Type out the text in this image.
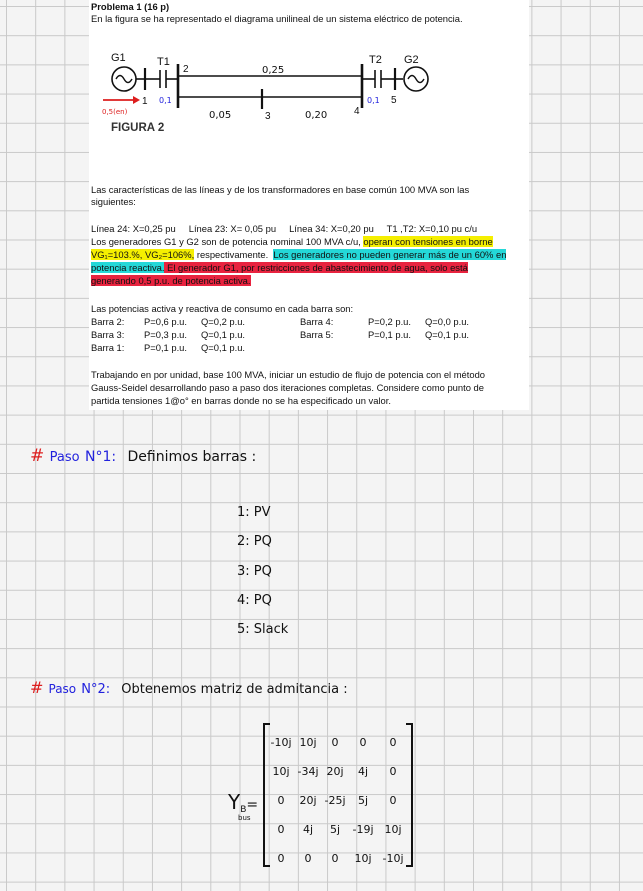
Problema 1 (16 p)
En la figura se ha representado el diagrama unilineal de un sistema eléctrico de potencia.
G1	T1	T2 G2
2
1
3	4
5
0,25
0,05	0,20
0,1	0,1
0,5(en)
FIGURA 2
Las características de las líneas y de los transformadores en base común 100 MVA son las
siguientes:
Línea 24: X=0,25 pu     Línea 23: X= 0,05 pu     Línea 34: X=0,20 pu     T1 ,T2: X=0,10 pu c/u
Los generadores G1 y G2 son de potencia nominal 100 MVA c/u, operan con tensiones en borne
VG₁=103.%, VG₂=106%, respectivamente.  Los generadores no pueden generar más de un 60% en
potencia reactiva. El generador G1, por restricciones de abastecimiento de agua, solo está
generando 0,5 p.u. de potencia activa.
Las potencias activa y reactiva de consumo en cada barra son:
Barra 2: P=0,6 p.u. Q=0,2 p.u.
Barra 3: P=0,3 p.u. Q=0,1 p.u.
Barra 1: P=0,1 p.u. Q=0,1 p.u.
Barra 4:	P=0,2 p.u. Q=0,0 p.u.
Barra 5:	P=0,1 p.u. Q=0,1 p.u.
Trabajando en por unidad, base 100 MVA, iniciar un estudio de flujo de potencia con el método
Gauss-Seidel desarrollando paso a paso dos iteraciones completas. Considere como punto de
partida tensiones 1@o° en barras donde no se ha especificado un valor.
# Paso N°1: Definimos barras :
1: PV
2: PQ
3: PQ
4: PQ
5: Slack
# Paso N°2: Obtenemos matriz de admitancia :
YB=
bus
-10j 10j	0	0	0
10j -34j 20j	4j	0
0	20j -25j	5j	0
0	4j	5j	-19j 10j
0	0	0	10j -10j
